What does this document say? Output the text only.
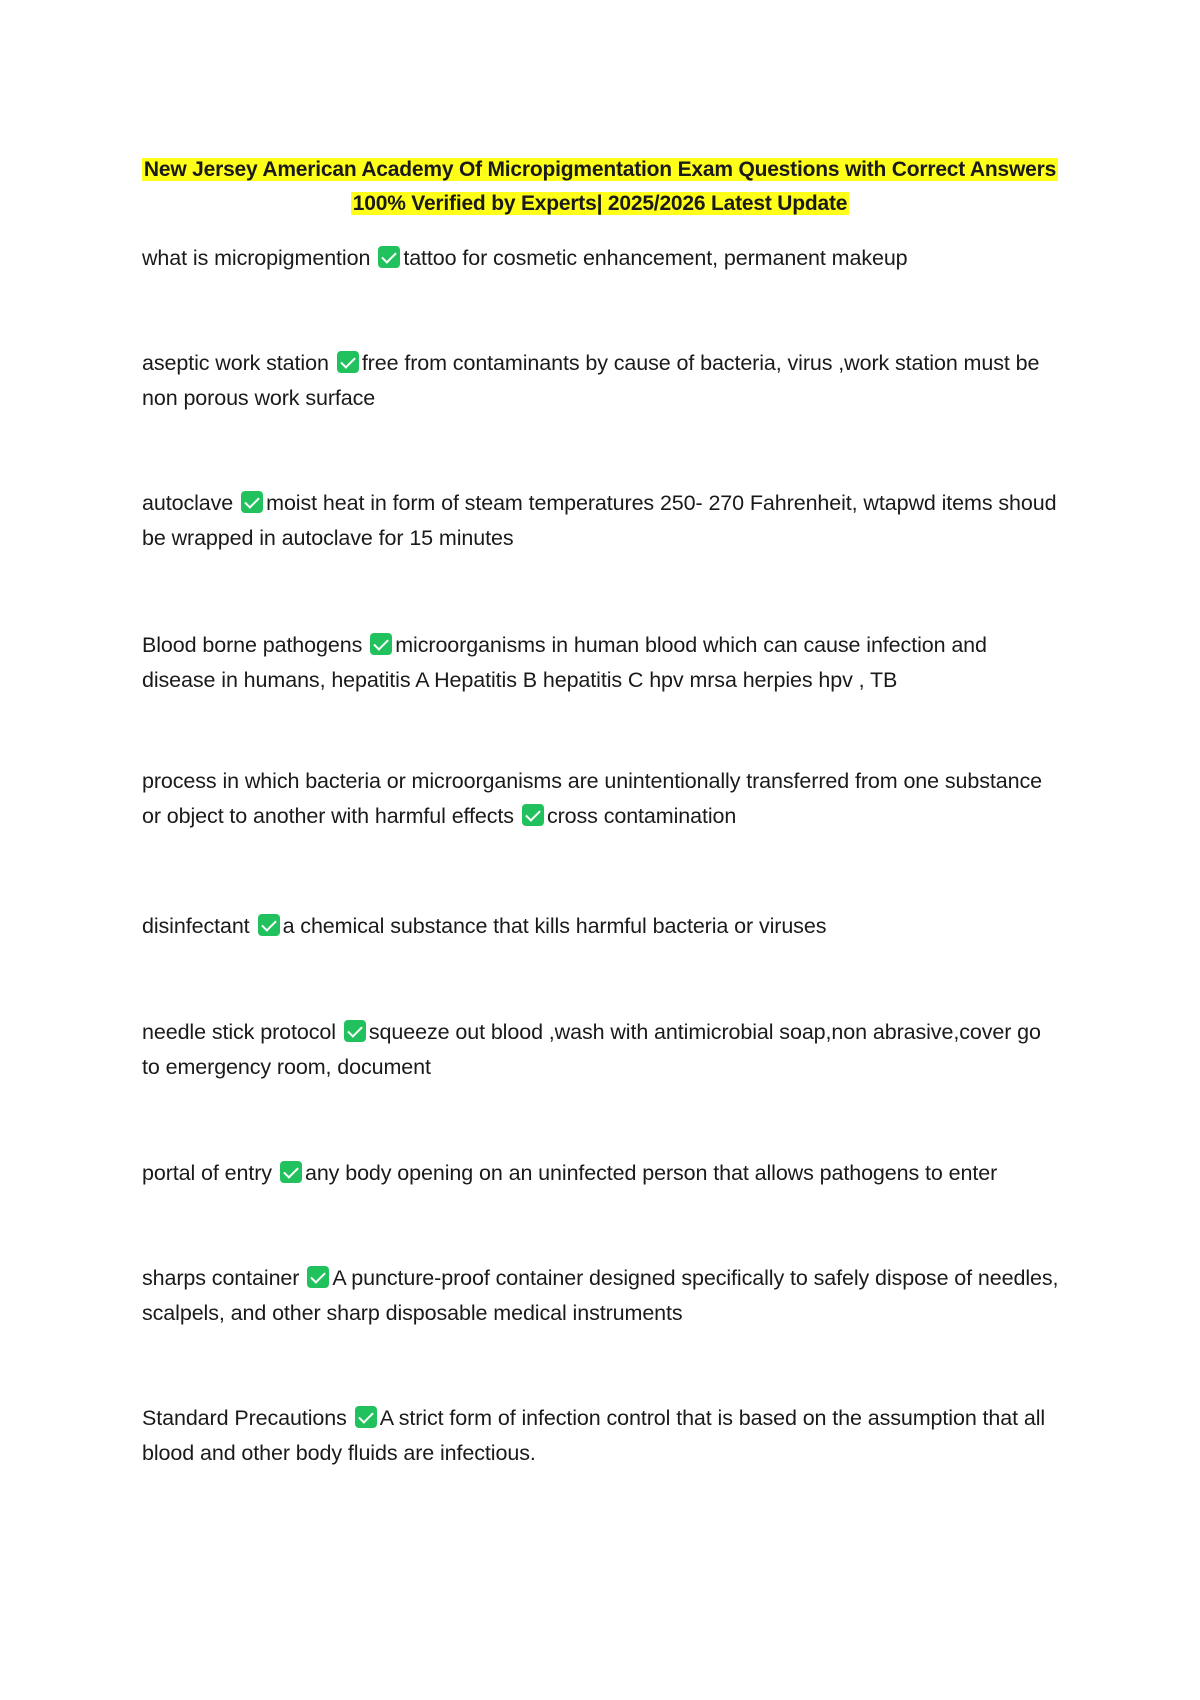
New Jersey American Academy Of Micropigmentation Exam Questions with Correct Answers
100% Verified by Experts| 2025/2026 Latest Update
what is micropigmention tattoo for cosmetic enhancement, permanent makeup
aseptic work station free from contaminants by cause of bacteria, virus ,work station must be non porous work surface
autoclave moist heat in form of steam temperatures 250- 270 Fahrenheit, wtapwd items shoud be wrapped in autoclave for 15 minutes
Blood borne pathogens microorganisms in human blood which can cause infection and disease in humans, hepatitis A Hepatitis B hepatitis C hpv mrsa herpies hpv , TB
process in which bacteria or microorganisms are unintentionally transferred from one substance or object to another with harmful effects cross contamination
disinfectant a chemical substance that kills harmful bacteria or viruses
needle stick protocol squeeze out blood ,wash with antimicrobial soap,non abrasive,cover go to emergency room, document
portal of entry any body opening on an uninfected person that allows pathogens to enter
sharps container A puncture-proof container designed specifically to safely dispose of needles, scalpels, and other sharp disposable medical instruments
Standard Precautions A strict form of infection control that is based on the assumption that all blood and other body fluids are infectious.
